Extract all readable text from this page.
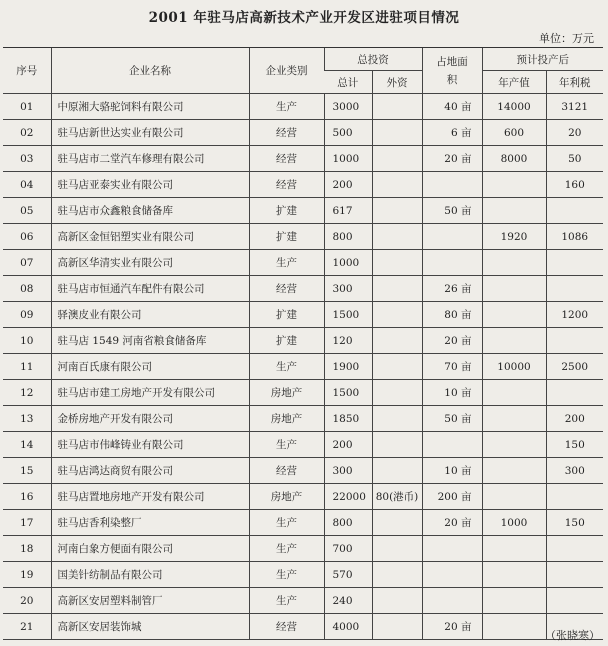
2001 年驻马店高新技术产业开发区进驻项目情况
单位：万元
序号	企业名称	企业类别	总投资		占地面积	预计投产后	
			总计	外资		年产值	年利税
01	中原湘大骆驼饲料有限公司	生产	3000		40 亩	14000	3121
02	驻马店新世达实业有限公司	经营	500		6 亩	600	20
03	驻马店市二堂汽车修理有限公司	经营	1000		20 亩	8000	50
04	驻马店亚泰实业有限公司	经营	200				160
05	驻马店市众鑫粮食储备库	扩建	617		50 亩		
06	高新区金恒铝塑实业有限公司	扩建	800			1920	1086
07	高新区华清实业有限公司	生产	1000				
08	驻马店市恒通汽车配件有限公司	经营	300		26 亩		
09	驿澳皮业有限公司	扩建	1500		80 亩		1200
10	驻马店 1549 河南省粮食储备库	扩建	120		20 亩		
11	河南百氏康有限公司	生产	1900		70 亩	10000	2500
12	驻马店市建工房地产开发有限公司	房地产	1500		10 亩		
13	金桥房地产开发有限公司	房地产	1850		50 亩		200
14	驻马店市伟峰铸业有限公司	生产	200				150
15	驻马店鸿达商贸有限公司	经营	300		10 亩		300
16	驻马店置地房地产开发有限公司	房地产	22000	80(港币)	200 亩		
17	驻马店香利染整厂	生产	800		20 亩	1000	150
18	河南白象方便面有限公司	生产	700				
19	国美针纺制品有限公司	生产	570				
20	高新区安居塑料制管厂	生产	240				
21	高新区安居装饰城	经营	4000		20 亩		
（张晓寒）
